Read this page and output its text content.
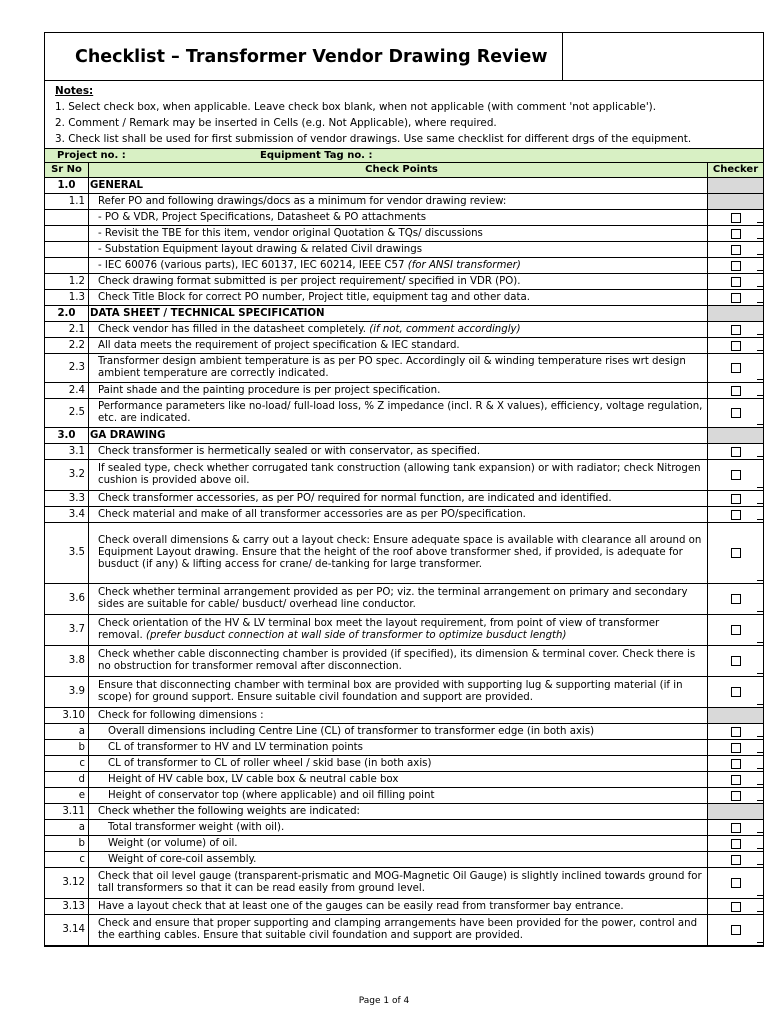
Checklist – Transformer Vendor Drawing Review
Notes:
1. Select check box, when applicable. Leave check box blank, when not applicable (with comment 'not applicable').
2. Comment / Remark may be inserted in Cells (e.g. Not Applicable), where required.
3. Check list shall be used for first submission of vendor drawings. Use same checklist for different drgs of the equipment.
Project no. :	Equipment Tag no. :
Sr No	Check Points	Checker
1.0	GENERAL
1.1	Refer PO and following drawings/docs as a minimum for vendor drawing review:
- PO & VDR, Project Specifications, Datasheet & PO attachments
- Revisit the TBE for this item, vendor original Quotation & TQs/ discussions
- Substation Equipment layout drawing & related Civil drawings
- IEC 60076 (various parts), IEC 60137, IEC 60214, IEEE C57 (for ANSI transformer)
1.2	Check drawing format submitted is per project requirement/ specified in VDR (PO).
1.3	Check Title Block for correct PO number, Project title, equipment tag and other data.
2.0	DATA SHEET / TECHNICAL SPECIFICATION
2.1	Check vendor has filled in the datasheet completely. (if not, comment accordingly)
2.2	All data meets the requirement of project specification & IEC standard.
2.3
Transformer design ambient temperature is as per PO spec. Accordingly oil & winding temperature rises wrt design ambient temperature are correctly indicated.
2.4	Paint shade and the painting procedure is per project specification.
2.5
Performance parameters like no-load/ full-load loss, % Z impedance (incl. R & X values), efficiency, voltage regulation, etc. are indicated.
3.0	GA DRAWING
3.1	Check transformer is hermetically sealed or with conservator, as specified.
3.2
If sealed type, check whether corrugated tank construction (allowing tank expansion) or with radiator; check Nitrogen cushion is provided above oil.
3.3	Check transformer accessories, as per PO/ required for normal function, are indicated and identified.
3.4	Check material and make of all transformer accessories are as per PO/specification.
3.5
Check overall dimensions & carry out a layout check: Ensure adequate space is available with clearance all around on Equipment Layout drawing. Ensure that the height of the roof above transformer shed, if provided, is adequate for busduct (if any) & lifting access for crane/ de-tanking for large transformer.
3.6
Check whether terminal arrangement provided as per PO; viz. the terminal arrangement on primary and secondary sides are suitable for cable/ busduct/ overhead line conductor.
3.7
Check orientation of the HV & LV terminal box meet the layout requirement, from point of view of transformer removal. (prefer busduct connection at wall side of transformer to optimize busduct length)
3.8
Check whether cable disconnecting chamber is provided (if specified), its dimension & terminal cover. Check there is no obstruction for transformer removal after disconnection.
3.9
Ensure that disconnecting chamber with terminal box are provided with supporting lug & supporting material (if in scope) for ground support. Ensure suitable civil foundation and support are provided.
3.10	Check for following dimensions :
a	Overall dimensions including Centre Line (CL) of transformer to transformer edge (in both axis)
b	CL of transformer to HV and LV termination points
c	CL of transformer to CL of roller wheel / skid base (in both axis)
d	Height of HV cable box, LV cable box & neutral cable box
e	Height of conservator top (where applicable) and oil filling point
3.11	Check whether the following weights are indicated:
a	Total transformer weight (with oil).
b	Weight (or volume) of oil.
c	Weight of core-coil assembly.
3.12
Check that oil level gauge (transparent-prismatic and MOG-Magnetic Oil Gauge) is slightly inclined towards ground for tall transformers so that it can be read easily from ground level.
3.13	Have a layout check that at least one of the gauges can be easily read from transformer bay entrance.
3.14
Check and ensure that proper supporting and clamping arrangements have been provided for the power, control and the earthing cables. Ensure that suitable civil foundation and support are provided.
Page 1 of 4
